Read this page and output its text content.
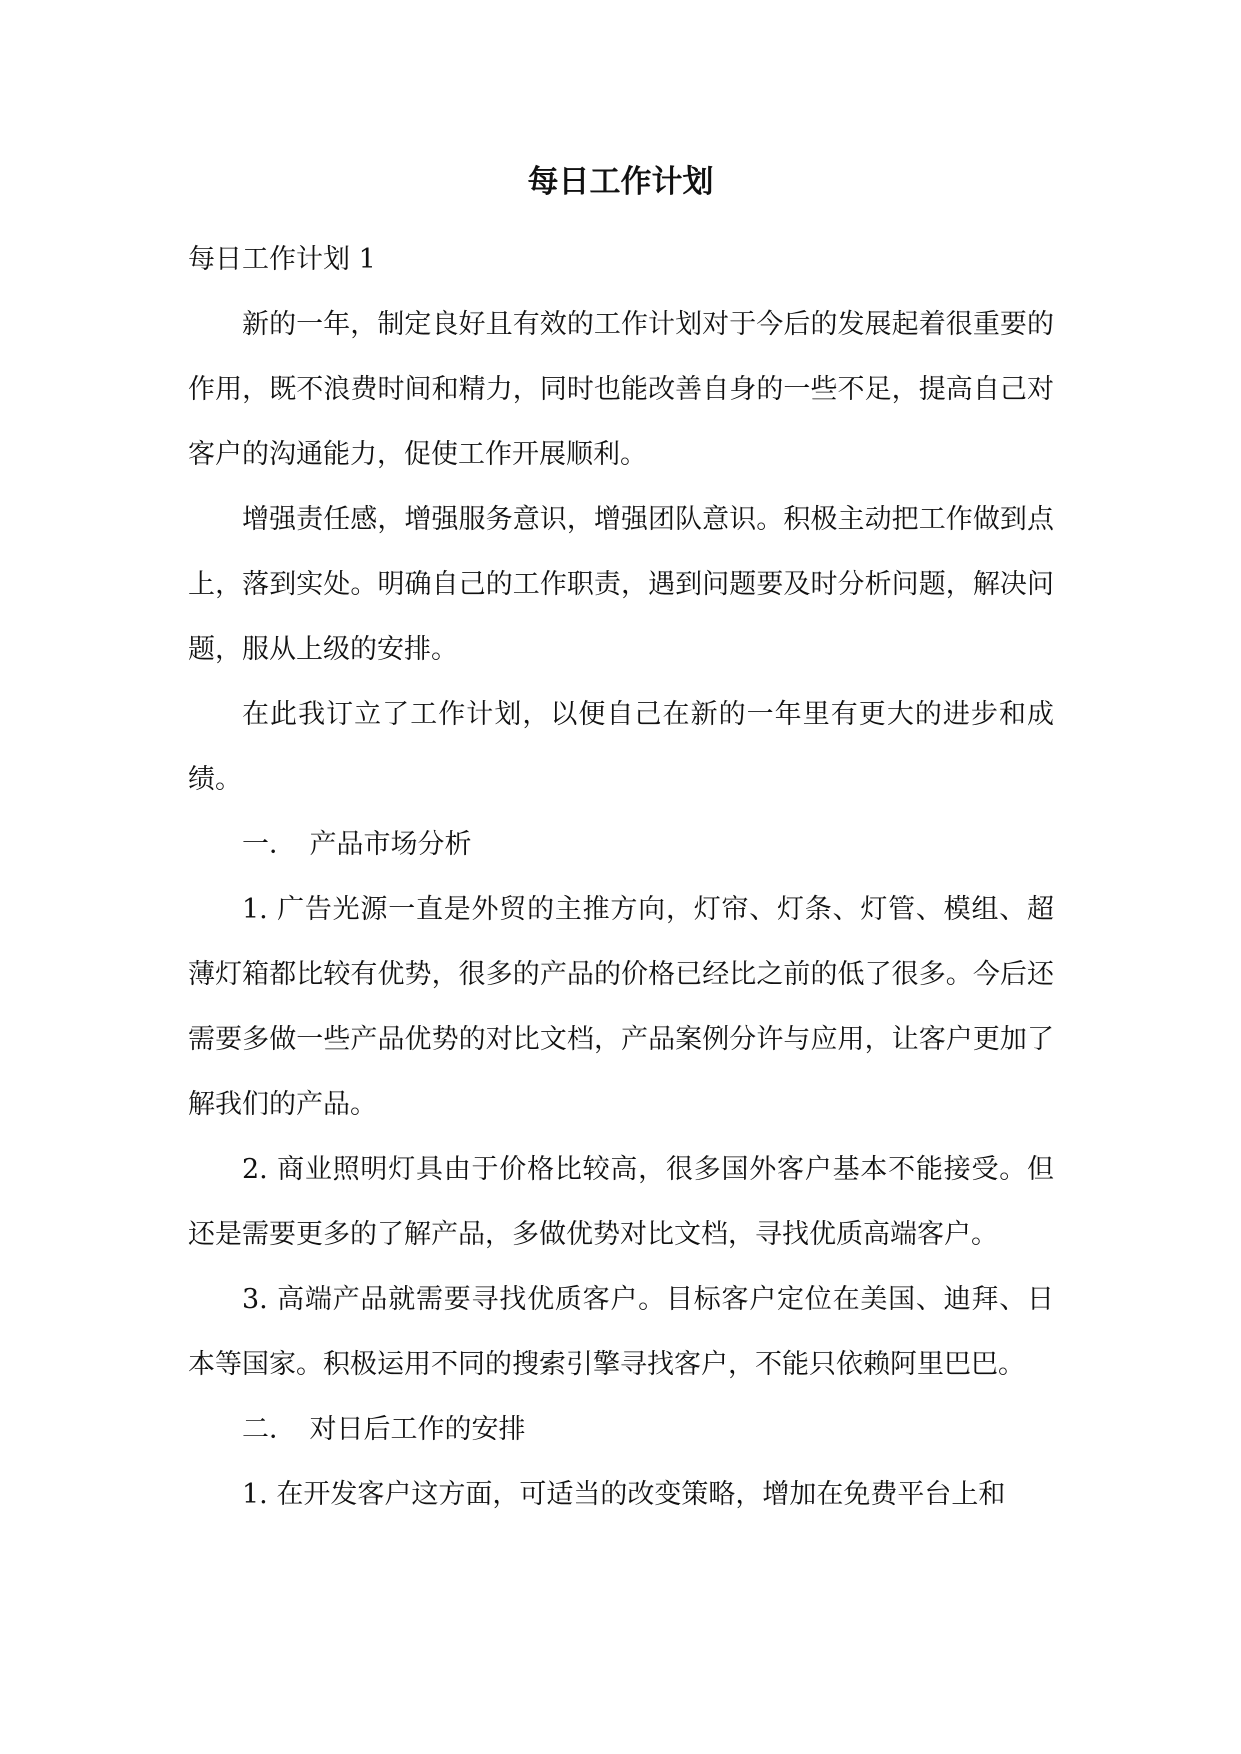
每日工作计划

每日工作计划 1

新的一年，制定良好且有效的工作计划对于今后的发展起着很重要的作用，既不浪费时间和精力，同时也能改善自身的一些不足，提高自己对客户的沟通能力，促使工作开展顺利。

增强责任感，增强服务意识，增强团队意识。积极主动把工作做到点上，落到实处。明确自己的工作职责，遇到问题要及时分析问题，解决问题，服从上级的安排。

在此我订立了工作计划，以便自己在新的一年里有更大的进步和成绩。

一．　产品市场分析

1. 广告光源一直是外贸的主推方向，灯帘、灯条、灯管、模组、超薄灯箱都比较有优势，很多的产品的价格已经比之前的低了很多。今后还需要多做一些产品优势的对比文档，产品案例分许与应用，让客户更加了解我们的产品。

2. 商业照明灯具由于价格比较高，很多国外客户基本不能接受。但还是需要更多的了解产品，多做优势对比文档，寻找优质高端客户。

3. 高端产品就需要寻找优质客户。目标客户定位在美国、迪拜、日本等国家。积极运用不同的搜索引擎寻找客户，不能只依赖阿里巴巴。

二．　对日后工作的安排

1. 在开发客户这方面，可适当的改变策略，增加在免费平台上和
